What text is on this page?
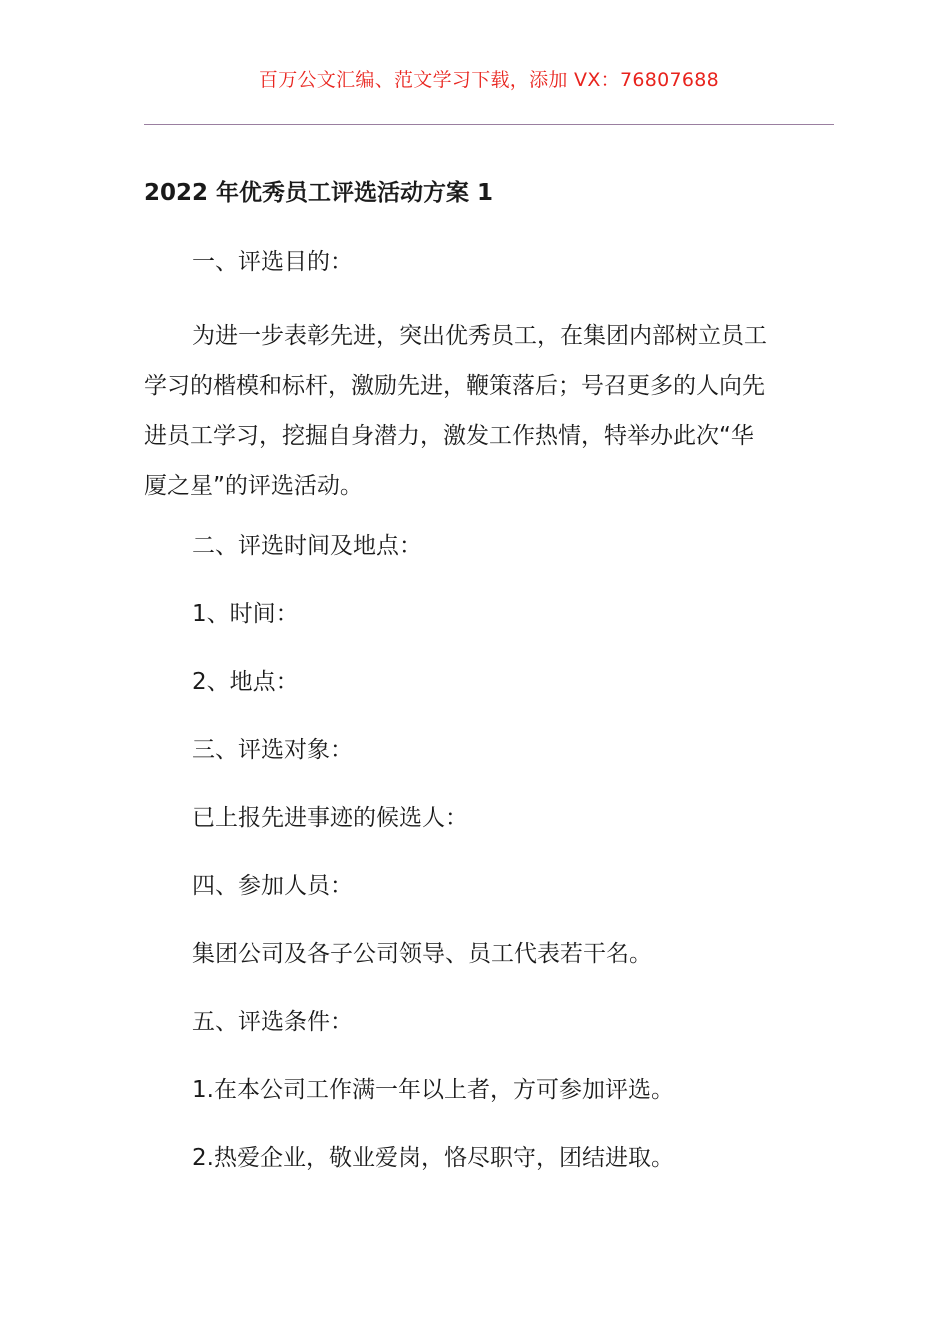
百万公文汇编、范文学习下载，添加 VX：76807688
2022 年优秀员工评选活动方案 1
一、评选目的：
为进一步表彰先进，突出优秀员工，在集团内部树立员工
学习的楷模和标杆，激励先进，鞭策落后；号召更多的人向先
进员工学习，挖掘自身潜力，激发工作热情，特举办此次“华
厦之星”的评选活动。
二、评选时间及地点：
1、时间：
2、地点：
三、评选对象：
已上报先进事迹的候选人：
四、参加人员：
集团公司及各子公司领导、员工代表若干名。
五、评选条件：
1.在本公司工作满一年以上者，方可参加评选。
2.热爱企业，敬业爱岗，恪尽职守，团结进取。
